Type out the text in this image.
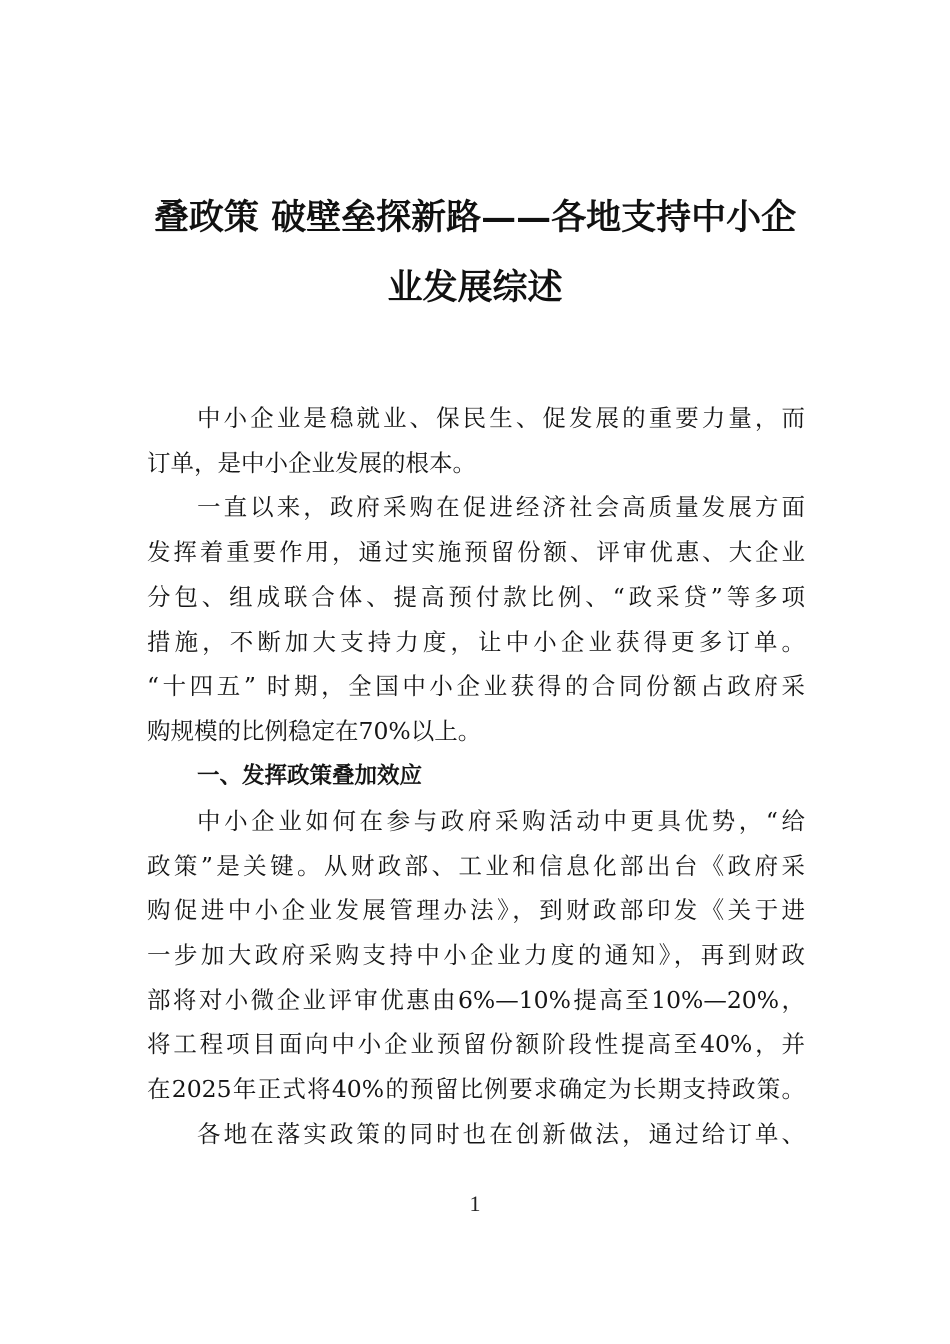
叠政策 破壁垒探新路——各地支持中小企
业发展综述
中小企业是稳就业、保民生、促发展的重要力量，而
订单，是中小企业发展的根本。
一直以来，政府采购在促进经济社会高质量发展方面
发挥着重要作用，通过实施预留份额、评审优惠、大企业
分包、组成联合体、提高预付款比例、“政采贷”等多项
措施，不断加大支持力度，让中小企业获得更多订单。
“十四五” 时期，全国中小企业获得的合同份额占政府采
购规模的比例稳定在70%以上。
一、发挥政策叠加效应
中小企业如何在参与政府采购活动中更具优势，“给
政策”是关键。从财政部、工业和信息化部出台《政府采
购促进中小企业发展管理办法》，到财政部印发《关于进
一步加大政府采购支持中小企业力度的通知》，再到财政
部将对小微企业评审优惠由6%—10%提高至10%—20%，
将工程项目面向中小企业预留份额阶段性提高至40%，并
在2025年正式将40%的预留比例要求确定为长期支持政策。
各地在落实政策的同时也在创新做法，通过给订单、
1
